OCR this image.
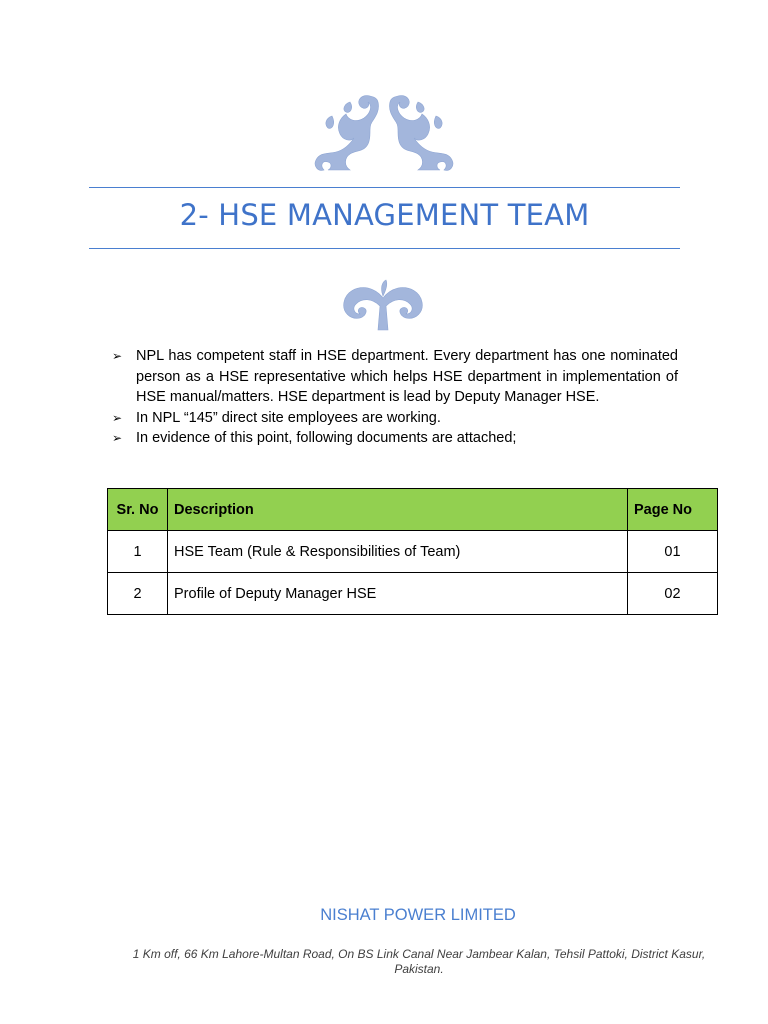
2- HSE MANAGEMENT TEAM
➢ NPL has competent staff in HSE department. Every department has one nominated person as a HSE representative which helps HSE department in implementation of HSE manual/matters. HSE department is lead by Deputy Manager HSE.
➢ In NPL “145” direct site employees are working.
➢ In evidence of this point, following documents are attached;
Sr. No	Description	Page No
1	HSE Team (Rule & Responsibilities of Team)	01
2	Profile of Deputy Manager HSE	02
NISHAT POWER LIMITED
1 Km off, 66 Km Lahore-Multan Road, On BS Link Canal Near Jambear Kalan, Tehsil Pattoki, District Kasur, Pakistan.
